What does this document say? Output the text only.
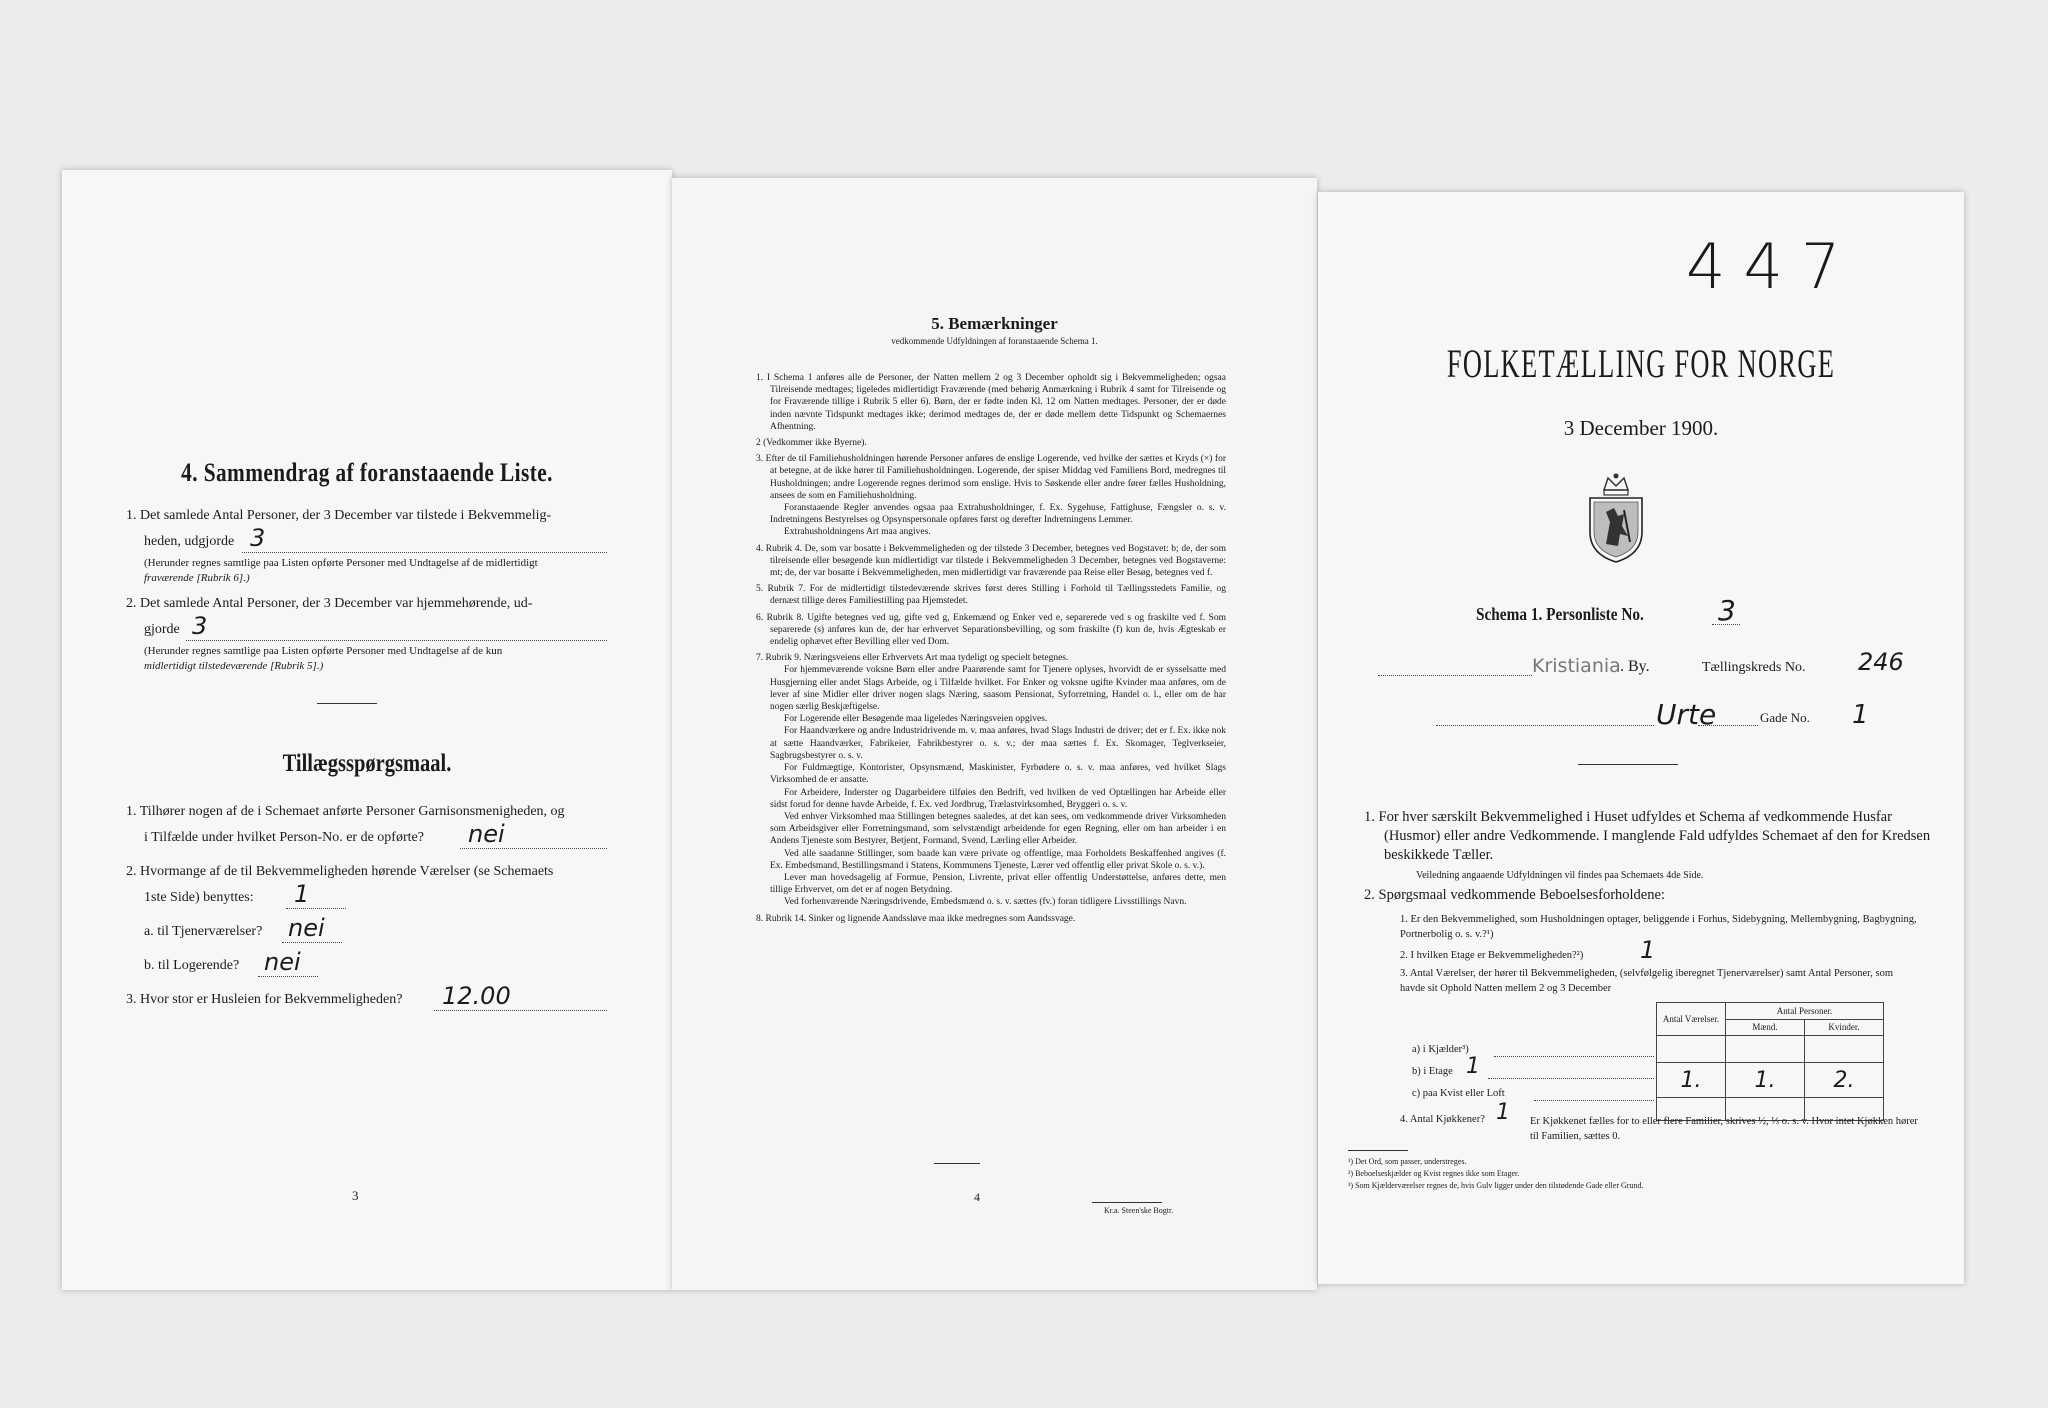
4. Sammendrag af foranstaaende Liste.
1. Det samlede Antal Personer, der 3 December var tilstede i Bekvemmelig-
heden, udgjorde 3
(Herunder regnes samtlige paa Listen opførte Personer med Undtagelse af de midlertidigt
fraværende [Rubrik 6].)
2. Det samlede Antal Personer, der 3 December var hjemmehørende, ud-
gjorde 3
(Herunder regnes samtlige paa Listen opførte Personer med Undtagelse af de kun
midlertidigt tilstedeværende [Rubrik 5].)
Tillægsspørgsmaal.
1. Tilhører nogen af de i Schemaet anførte Personer Garnisonsmenigheden, og
i Tilfælde under hvilket Person-No. er de opførte? nei
2. Hvormange af de til Bekvemmeligheden hørende Værelser (se Schemaets
1ste Side) benyttes: 1
a. til Tjenerværelser? nei
b. til Logerende? nei
3. Hvor stor er Husleien for Bekvemmeligheden? 12.00
3
5. Bemærkninger
vedkommende Udfyldningen af foranstaaende Schema 1.
1. I Schema 1 anføres alle de Personer, der Natten mellem 2 og 3 December opholdt sig i Bekvemmeligheden; ogsaa Tilreisende medtages; ligeledes midlertidigt Fraværende (med behørig Anmærkning i Rubrik 4 samt for Tilreisende og for Fraværende tillige i Rubrik 5 eller 6). Børn, der er fødte inden Kl. 12 om Natten medtages. Personer, der er døde inden nævnte Tidspunkt medtages ikke; derimod medtages de, der er døde mellem dette Tidspunkt og Schemaernes Afhentning.
2 (Vedkommer ikke Byerne).
3. Efter de til Familiehusholdningen hørende Personer anføres de enslige Logerende, ved hvilke der sættes et Kryds (×) for at betegne, at de ikke hører til Familiehusholdningen. Logerende, der spiser Middag ved Familiens Bord, medregnes til Husholdningen; andre Logerende regnes derimod som enslige. Hvis to Søskende eller andre fører fælles Husholdning, ansees de som en Familiehusholdning.
Foranstaaende Regler anvendes ogsaa paa Extrahusholdninger, f. Ex. Sygehuse, Fattighuse, Fængsler o. s. v. Indretningens Bestyrelses og Opsynspersonale opføres først og derefter Indretningens Lemmer.
Extrahusholdningens Art maa angives.
4. Rubrik 4. De, som var bosatte i Bekvemmeligheden og der tilstede 3 December, betegnes ved Bogstavet: b; de, der som tilreisende eller besøgende kun midlertidigt var tilstede i Bekvemmeligheden 3 December, betegnes ved Bogstaverne: mt; de, der var bosatte i Bekvemmeligheden, men midlertidigt var fraværende paa Reise eller Besøg, betegnes ved f.
5. Rubrik 7. For de midlertidigt tilstedeværende skrives først deres Stilling i Forhold til Tællingsstedets Familie, og dernæst tillige deres Familiestilling paa Hjemstedet.
6. Rubrik 8. Ugifte betegnes ved ug, gifte ved g, Enkemænd og Enker ved e, separerede ved s og fraskilte ved f. Som separerede (s) anføres kun de, der har erhvervet Separationsbevilling, og som fraskilte (f) kun de, hvis Ægteskab er endelig ophævet efter Bevilling eller ved Dom.
7. Rubrik 9. Næringsveiens eller Erhvervets Art maa tydeligt og specielt betegnes.
For hjemmeværende voksne Børn eller andre Paarørende samt for Tjenere oplyses, hvorvidt de er sysselsatte med Husgjerning eller andet Slags Arbeide, og i Tilfælde hvilket. For Enker og voksne ugifte Kvinder maa anføres, om de lever af sine Midler eller driver nogen slags Næring, saasom Pensionat, Syforretning, Handel o. l., eller om de har nogen særlig Beskjæftigelse.
For Logerende eller Besøgende maa ligeledes Næringsveien opgives.
For Haandværkere og andre Industridrivende m. v. maa anføres, hvad Slags Industri de driver; det er f. Ex. ikke nok at sætte Haandværker, Fabrikeier, Fabrikbestyrer o. s. v.; der maa sættes f. Ex. Skomager, Teglverkseier, Sagbrugsbestyrer o. s. v.
For Fuldmægtige, Kontorister, Opsynsmænd, Maskinister, Fyrbødere o. s. v. maa anføres, ved hvilket Slags Virksomhed de er ansatte.
For Arbeidere, Inderster og Dagarbeidere tilføies den Bedrift, ved hvilken de ved Optællingen har Arbeide eller sidst forud for denne havde Arbeide, f. Ex. ved Jordbrug, Trælastvirksomhed, Bryggeri o. s. v.
Ved enhver Virksomhed maa Stillingen betegnes saaledes, at det kan sees, om vedkommende driver Virksomheden som Arbeidsgiver eller Forretningsmand, som selvstændigt arbeidende for egen Regning, eller om han arbeider i en Andens Tjeneste som Bestyrer, Betjent, Formand, Svend, Lærling eller Arbeider.
Ved alle saadanne Stillinger, som baade kan være private og offentlige, maa Forholdets Beskaffenhed angives (f. Ex. Embedsmand, Bestillingsmand i Statens, Kommunens Tjeneste, Lærer ved offentlig eller privat Skole o. s. v.).
Lever man hovedsagelig af Formue, Pension, Livrente, privat eller offentlig Understøttelse, anføres dette, men tillige Erhvervet, om det er af nogen Betydning.
Ved forhenværende Næringsdrivende, Embedsmænd o. s. v. sættes (fv.) foran tidligere Livsstillings Navn.
8. Rubrik 14. Sinker og lignende Aandssløve maa ikke medregnes som Aandssvage.
4
Kr.a. Steen'ske Bogtr.
447
FOLKETÆLLING FOR NORGE
3 December 1900.
Schema 1. Personliste No.	3
Kristiania . By.	Tællingskreds No. 246
Urte	Gade No. 1
1. For hver særskilt Bekvemmelighed i Huset udfyldes et Schema af vedkommende Husfar (Husmor) eller andre Vedkommende. I manglende Fald udfyldes Schemaet af den for Kredsen beskikkede Tæller.
Veiledning angaaende Udfyldningen vil findes paa Schemaets 4de Side.
2. Spørgsmaal vedkommende Beboelsesforholdene:
1. Er den Bekvemmelighed, som Husholdningen optager, beliggende i Forhus, Sidebygning, Mellembygning, Bagbygning, Portnerbolig o. s. v.?¹)
2. I hvilken Etage er Bekvemmeligheden?²) 1
3. Antal Værelser, der hører til Bekvemmeligheden, (selvfølgelig iberegnet Tjenerværelser) samt Antal Personer, som havde sit Ophold Natten mellem 2 og 3 December
Antal Værelser.	Antal Personer.	
	Mænd.	Kvinder.

1.	1.	2.

a) i Kjælder³)
b) i Etage 1
c) paa Kvist eller Loft
4. Antal Kjøkkener? 1 Er Kjøkkenet fælles for to eller flere Familier, skrives ½, ⅓ o. s. v. Hvor intet Kjøkken hører til Familien, sættes 0.
¹) Det Ord, som passer, understreges.
²) Beboelseskjælder og Kvist regnes ikke som Etager.
³) Som Kjælderværelser regnes de, hvis Gulv ligger under den tilstødende Gade eller Grund.
